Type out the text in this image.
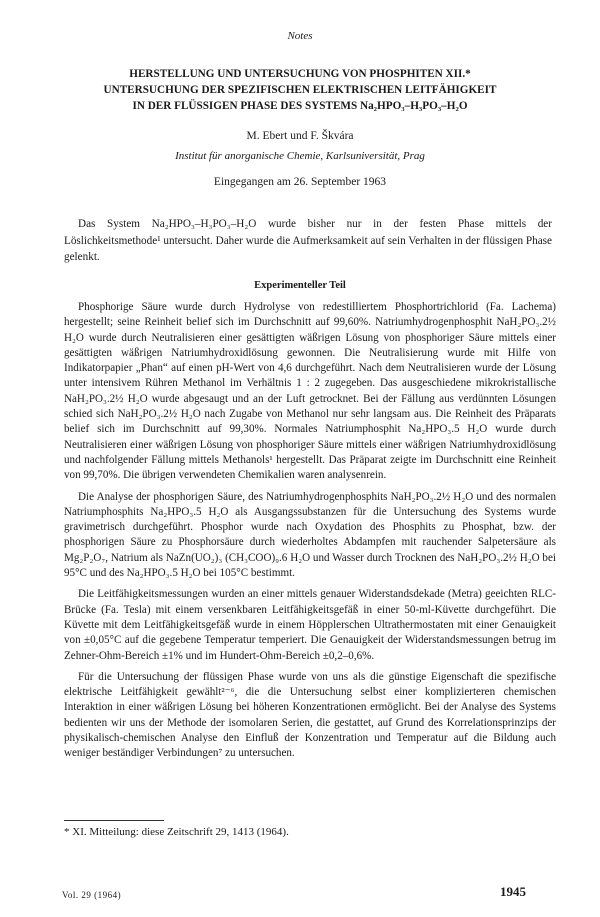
Notes
HERSTELLUNG UND UNTERSUCHUNG VON PHOSPHITEN XII.*
UNTERSUCHUNG DER SPEZIFISCHEN ELEKTRISCHEN LEITFÄHIGKEIT
IN DER FLÜSSIGEN PHASE DES SYSTEMS Na₂HPO₃–H₃PO₃–H₂O
M. Ebert und F. Škvára
Institut für anorganische Chemie, Karlsuniversität, Prag
Eingegangen am 26. September 1963

Das System Na₂HPO₃–H₃PO₃–H₂O wurde bisher nur in der festen Phase mittels der Löslichkeitsmethode¹ untersucht. Daher wurde die Aufmerksamkeit auf sein Verhalten in der flüssigen Phase gelenkt.

Experimenteller Teil

Phosphorige Säure wurde durch Hydrolyse von redestilliertem Phosphortrichlorid (Fa. Lachema) hergestellt; seine Reinheit belief sich im Durchschnitt auf 99,60%. Natriumhydrogenphosphit NaH₂PO₃.2½ H₂O wurde durch Neutralisieren einer gesättigten wäßrigen Lösung von phosphoriger Säure mittels einer gesättigten wäßrigen Natriumhydroxidlösung gewonnen. Die Neutralisierung wurde mit Hilfe von Indikatorpapier „Phan“ auf einen pH-Wert von 4,6 durchgeführt. Nach dem Neutralisieren wurde der Lösung unter intensivem Rühren Methanol im Verhältnis 1 : 2 zugegeben. Das ausgeschiedene mikrokristallische NaH₂PO₃.2½ H₂O wurde abgesaugt und an der Luft getrocknet. Bei der Fällung aus verdünnten Lösungen schied sich NaH₂PO₃.2½ H₂O nach Zugabe von Methanol nur sehr langsam aus. Die Reinheit des Präparats belief sich im Durchschnitt auf 99,30%. Normales Natriumphosphit Na₂HPO₃.5 H₂O wurde durch Neutralisieren einer wäßrigen Lösung von phosphoriger Säure mittels einer wäßrigen Natriumhydroxidlösung und nachfolgender Fällung mittels Methanols¹ hergestellt. Das Präparat zeigte im Durchschnitt eine Reinheit von 99,70%. Die übrigen verwendeten Chemikalien waren analysenrein.

Die Analyse der phosphorigen Säure, des Natriumhydrogenphosphits NaH₂PO₃.2½ H₂O und des normalen Natriumphosphits Na₂HPO₃.5 H₂O als Ausgangssubstanzen für die Untersuchung des Systems wurde gravimetrisch durchgeführt. Phosphor wurde nach Oxydation des Phosphits zu Phosphat, bzw. der phosphorigen Säure zu Phosphorsäure durch wiederholtes Abdampfen mit rauchender Salpetersäure als Mg₂P₂O₇, Natrium als NaZn(UO₂)₃ (CH₃COO)₉.6 H₂O und Wasser durch Trocknen des NaH₂PO₃.2½ H₂O bei 95°C und des Na₂HPO₃.5 H₂O bei 105°C bestimmt.

Die Leitfähigkeitsmessungen wurden an einer mittels genauer Widerstandsdekade (Metra) geeichten RLC-Brücke (Fa. Tesla) mit einem versenkbaren Leitfähigkeitsgefäß in einer 50-ml-Küvette durchgeführt. Die Küvette mit dem Leitfähigkeitsgefäß wurde in einem Höpplerschen Ultrathermostaten mit einer Genauigkeit von ±0,05°C auf die gegebene Temperatur temperiert. Die Genauigkeit der Widerstandsmessungen betrug im Zehner-Ohm-Bereich ±1% und im Hundert-Ohm-Bereich ±0,2–0,6%.

Für die Untersuchung der flüssigen Phase wurde von uns als die günstige Eigenschaft die spezifische elektrische Leitfähigkeit gewählt²⁻⁶, die die Untersuchung selbst einer komplizierteren chemischen Interaktion in einer wäßrigen Lösung bei höheren Konzentrationen ermöglicht. Bei der Analyse des Systems bedienten wir uns der Methode der isomolaren Serien, die gestattet, auf Grund des Korrelationsprinzips der physikalisch-chemischen Analyse den Einfluß der Konzentration und Temperatur auf die Bildung auch weniger beständiger Verbindungen⁷ zu untersuchen.

* XI. Mitteilung: diese Zeitschrift 29, 1413 (1964).
Vol. 29 (1964)	1945
